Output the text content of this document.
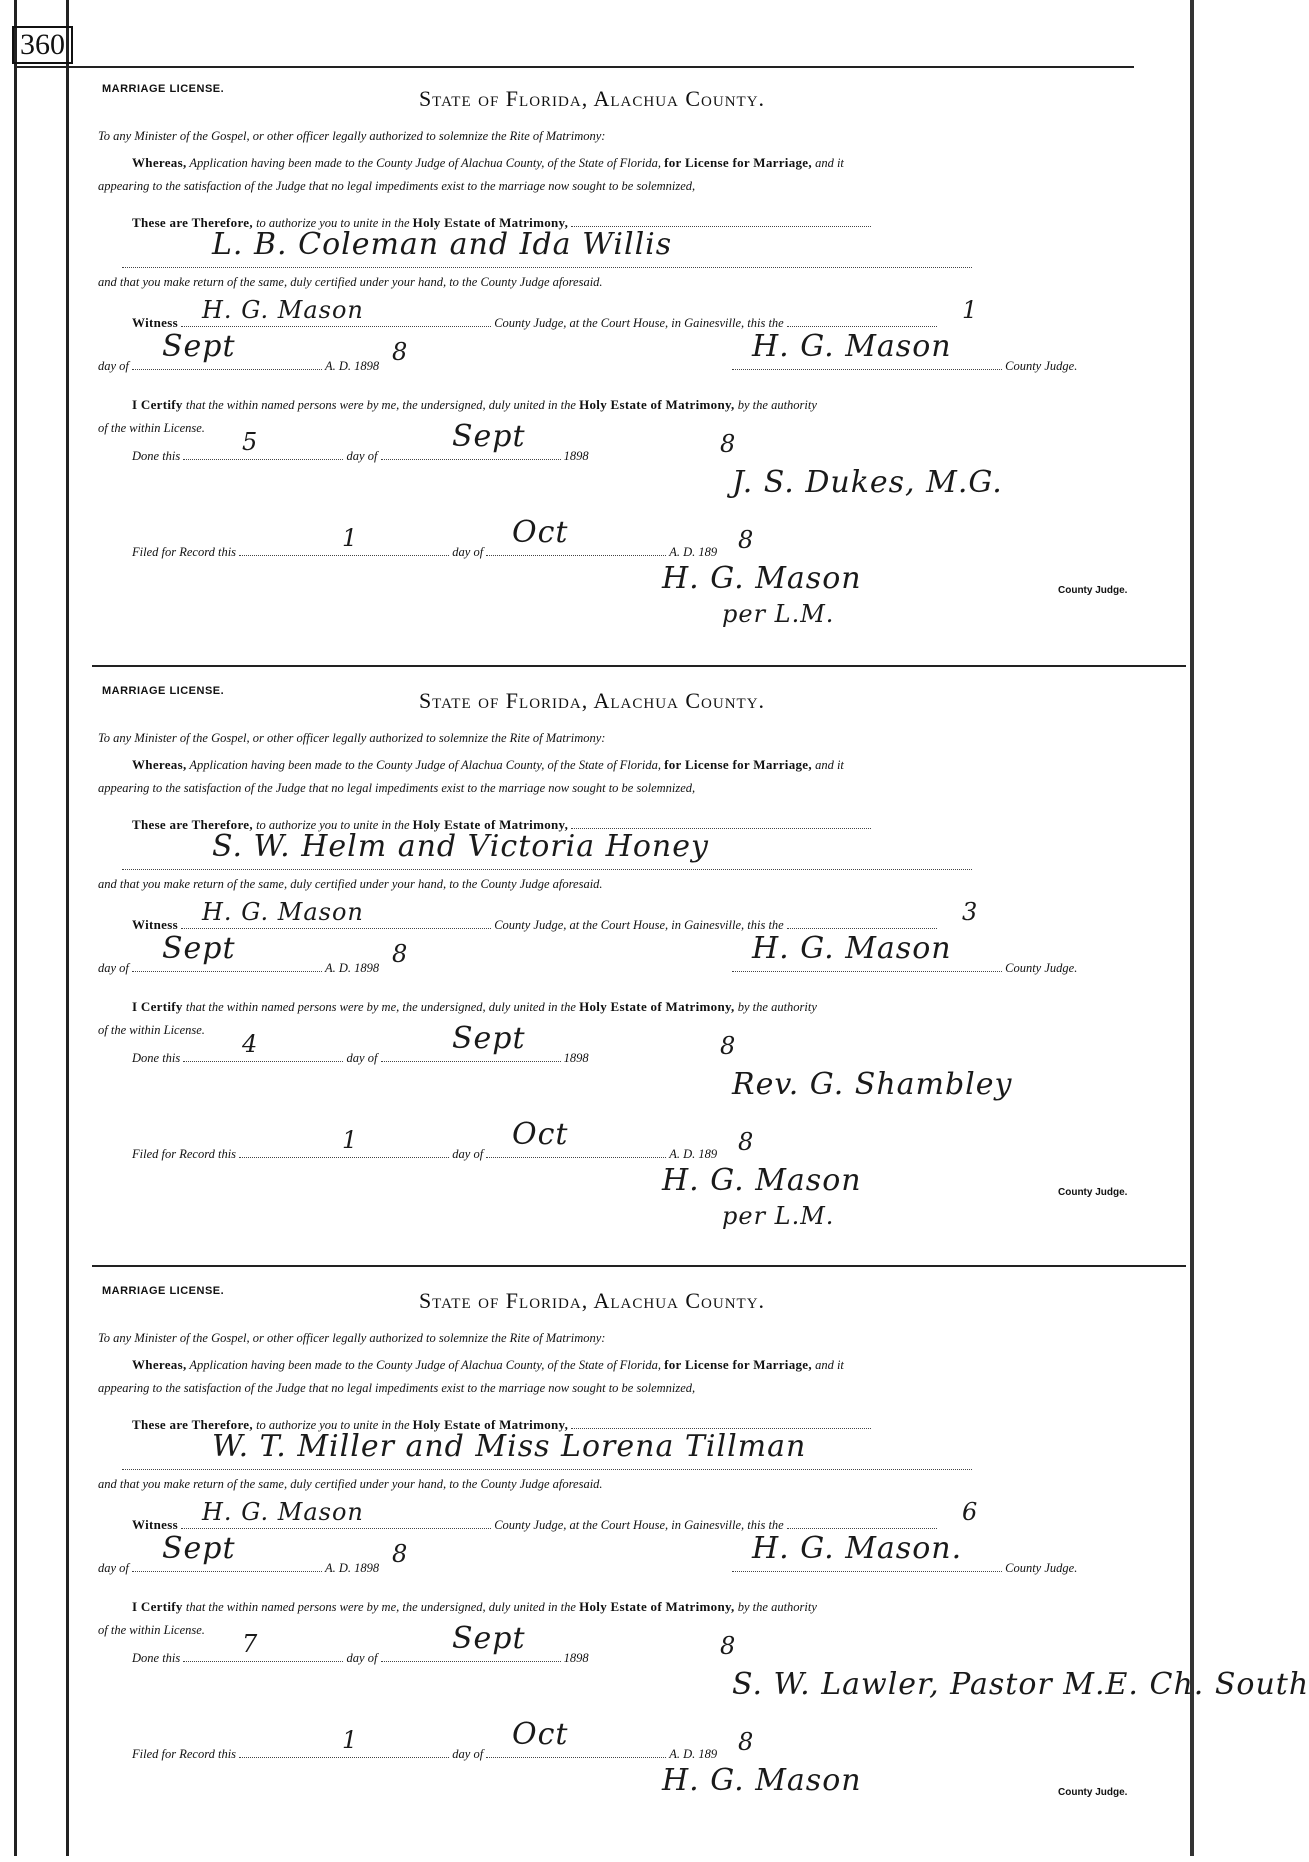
360
MARRIAGE LICENSE.	State of Florida, Alachua County.
To any Minister of the Gospel, or other officer legally authorized to solemnize the Rite of Matrimony:
Whereas, Application having been made to the County Judge of Alachua County, of the State of Florida, for License for Marriage, and it
appearing to the satisfaction of the Judge that no legal impediments exist to the marriage now sought to be solemnized,
These are Therefore, to authorize you to unite in the Holy Estate of Matrimony,
L. B. Coleman and Ida Willis
and that you make return of the same, duly certified under your hand, to the County Judge aforesaid.
Witness	County Judge, at the Court House, in Gainesville, this the
H. G. Mason	1
day of	A. D. 1898
Sept	8	County Judge.
H. G. Mason
I Certify that the within named persons were by me, the undersigned, duly united in the Holy Estate of Matrimony, by the authority
of the within License.
Done this	day of	1898
5	Sept	8
J. S. Dukes, M.G.
Filed for Record this	day of	A. D. 189
1	Oct	8
H. G. Mason
per L.M.
County Judge.
MARRIAGE LICENSE.	State of Florida, Alachua County.
To any Minister of the Gospel, or other officer legally authorized to solemnize the Rite of Matrimony:
Whereas, Application having been made to the County Judge of Alachua County, of the State of Florida, for License for Marriage, and it
appearing to the satisfaction of the Judge that no legal impediments exist to the marriage now sought to be solemnized,
These are Therefore, to authorize you to unite in the Holy Estate of Matrimony,
S. W. Helm and Victoria Honey
and that you make return of the same, duly certified under your hand, to the County Judge aforesaid.
Witness	County Judge, at the Court House, in Gainesville, this the
H. G. Mason	3
day of	A. D. 1898
Sept	8	County Judge.
H. G. Mason
I Certify that the within named persons were by me, the undersigned, duly united in the Holy Estate of Matrimony, by the authority
of the within License.
Done this	day of	1898
4	Sept	8
Rev. G. Shambley
Filed for Record this	day of	A. D. 189
1	Oct	8
H. G. Mason
per L.M.
County Judge.
MARRIAGE LICENSE.	State of Florida, Alachua County.
To any Minister of the Gospel, or other officer legally authorized to solemnize the Rite of Matrimony:
Whereas, Application having been made to the County Judge of Alachua County, of the State of Florida, for License for Marriage, and it
appearing to the satisfaction of the Judge that no legal impediments exist to the marriage now sought to be solemnized,
These are Therefore, to authorize you to unite in the Holy Estate of Matrimony,
W. T. Miller and Miss Lorena Tillman
and that you make return of the same, duly certified under your hand, to the County Judge aforesaid.
Witness	County Judge, at the Court House, in Gainesville, this the
H. G. Mason	6
day of	A. D. 1898
Sept	8	County Judge.
H. G. Mason.
I Certify that the within named persons were by me, the undersigned, duly united in the Holy Estate of Matrimony, by the authority
of the within License.
Done this	day of	1898
7	Sept	8
S. W. Lawler, Pastor M.E. Ch. South
Filed for Record this	day of	A. D. 189
1	Oct	8
H. G. Mason	County Judge.
